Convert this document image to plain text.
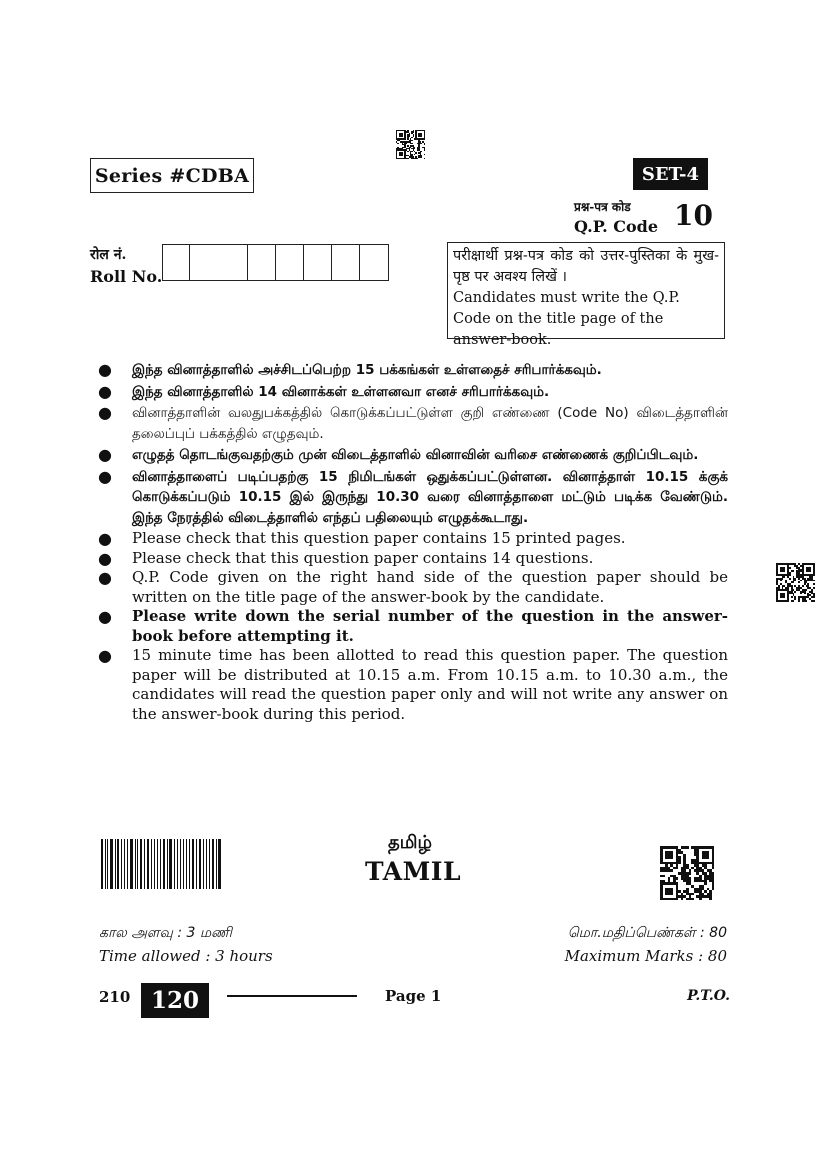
Series #CDBA	SET-4
प्रश्न-पत्र कोड
Q.P. Code 10
रोल नं.
Roll No.
परीक्षार्थी प्रश्न-पत्र कोड को उत्तर-पुस्तिका के मुख-पृष्ठ पर अवश्य लिखें ।
Candidates must write the Q.P. Code on the title page of the answer-book.
● இந்த வினாத்தாளில் அச்சிடப்பெற்ற 15 பக்கங்கள் உள்ளதைச் சரிபார்க்கவும்.
● இந்த வினாத்தாளில் 14 வினாக்கள் உள்ளனவா எனச் சரிபார்க்கவும்.
● வினாத்தாளின் வலதுபக்கத்தில் கொடுக்கப்பட்டுள்ள குறி எண்ணை (Code No) விடைத்தாளின் தலைப்புப் பக்கத்தில் எழுதவும்.
● எழுதத் தொடங்குவதற்கும் முன் விடைத்தாளில் வினாவின் வரிசை எண்ணைக் குறிப்பிடவும்.
● வினாத்தாளைப் படிப்பதற்கு 15 நிமிடங்கள் ஒதுக்கப்பட்டுள்ளன. வினாத்தாள் 10.15 க்குக் கொடுக்கப்படும் 10.15 இல் இருந்து 10.30 வரை வினாத்தாளை மட்டும் படிக்க வேண்டும். இந்த நேரத்தில் விடைத்தாளில் எந்தப் பதிலையும் எழுதக்கூடாது.
● Please check that this question paper contains 15 printed pages.
● Please check that this question paper contains 14 questions.
● Q.P. Code given on the right hand side of the question paper should be written on the title page of the answer-book by the candidate.
● Please write down the serial number of the question in the answer-book before attempting it.
● 15 minute time has been allotted to read this question paper. The question paper will be distributed at 10.15 a.m. From 10.15 a.m. to 10.30 a.m., the candidates will read the question paper only and will not write any answer on the answer-book during this period.
தமிழ்
TAMIL
கால அளவு : 3 மணி
Time allowed : 3 hours
மொ.மதிப்பெண்கள் : 80
Maximum Marks : 80
210 120	Page 1	P.T.O.
